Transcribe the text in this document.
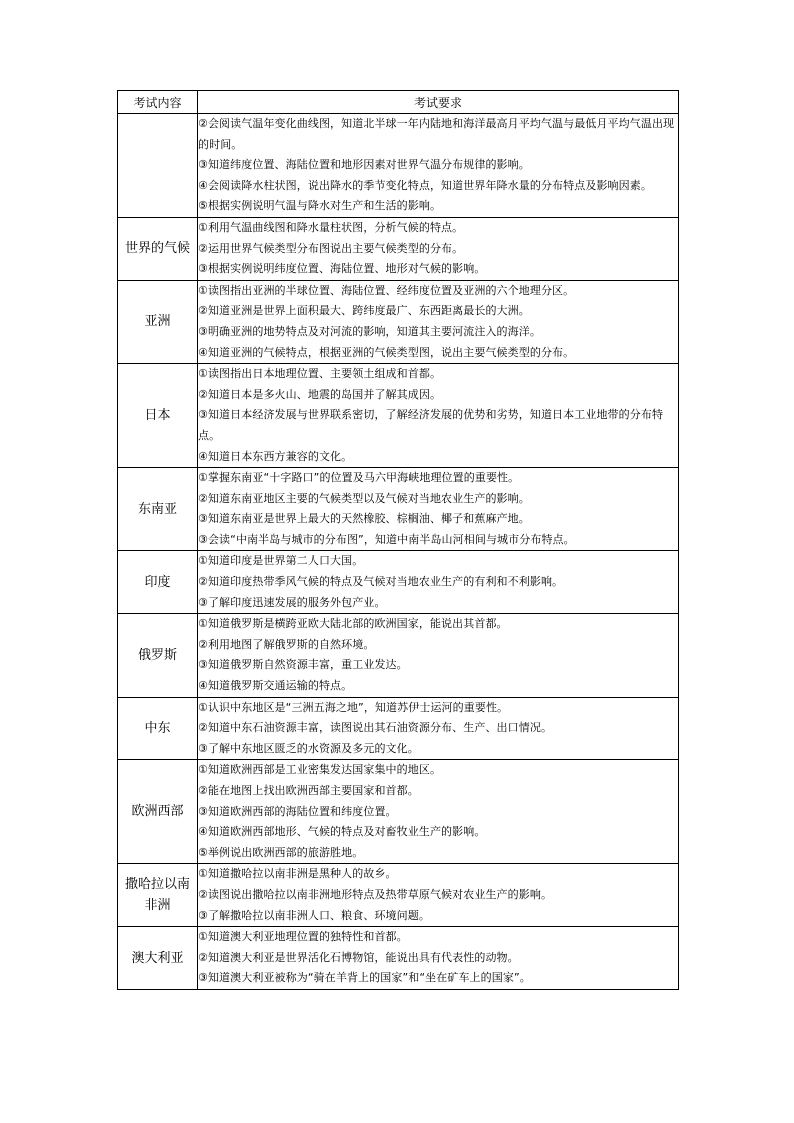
考试内容	考试要求

	②会阅读气温年变化曲线图，知道北半球一年内陆地和海洋最高月平均气温与最低月平均气温出现的时间。
③知道纬度位置、海陆位置和地形因素对世界气温分布规律的影响。
④会阅读降水柱状图，说出降水的季节变化特点，知道世界年降水量的分布特点及影响因素。
⑤根据实例说明气温与降水对生产和生活的影响。

世界的气候	①利用气温曲线图和降水量柱状图，分析气候的特点。
②运用世界气候类型分布图说出主要气候类型的分布。
③根据实例说明纬度位置、海陆位置、地形对气候的影响。

亚洲	①读图指出亚洲的半球位置、海陆位置、经纬度位置及亚洲的六个地理分区。
②知道亚洲是世界上面积最大、跨纬度最广、东西距离最长的大洲。
③明确亚洲的地势特点及对河流的影响，知道其主要河流注入的海洋。
④知道亚洲的气候特点，根据亚洲的气候类型图，说出主要气候类型的分布。

日本	①读图指出日本地理位置、主要领土组成和首都。
②知道日本是多火山、地震的岛国并了解其成因。
③知道日本经济发展与世界联系密切，了解经济发展的优势和劣势，知道日本工业地带的分布特点。
④知道日本东西方兼容的文化。

东南亚	①掌握东南亚“十字路口”的位置及马六甲海峡地理位置的重要性。
②知道东南亚地区主要的气候类型以及气候对当地农业生产的影响。
③知道东南亚是世界上最大的天然橡胶、棕榈油、椰子和蕉麻产地。
③会读“中南半岛与城市的分布图”，知道中南半岛山河相间与城市分布特点。

印度	①知道印度是世界第二人口大国。
②知道印度热带季风气候的特点及气候对当地农业生产的有利和不利影响。
③了解印度迅速发展的服务外包产业。

俄罗斯	①知道俄罗斯是横跨亚欧大陆北部的欧洲国家，能说出其首都。
②利用地图了解俄罗斯的自然环境。
③知道俄罗斯自然资源丰富，重工业发达。
④知道俄罗斯交通运输的特点。

中东	①认识中东地区是“三洲五海之地”，知道苏伊士运河的重要性。
②知道中东石油资源丰富，读图说出其石油资源分布、生产、出口情况。
③了解中东地区匮乏的水资源及多元的文化。

欧洲西部	①知道欧洲西部是工业密集发达国家集中的地区。
②能在地图上找出欧洲西部主要国家和首都。
③知道欧洲西部的海陆位置和纬度位置。
④知道欧洲西部地形、气候的特点及对畜牧业生产的影响。
⑤举例说出欧洲西部的旅游胜地。

撒哈拉以南非洲	①知道撒哈拉以南非洲是黑种人的故乡。
②读图说出撒哈拉以南非洲地形特点及热带草原气候对农业生产的影响。
③了解撒哈拉以南非洲人口、粮食、环境问题。

澳大利亚	①知道澳大利亚地理位置的独特性和首都。
②知道澳大利亚是世界活化石博物馆，能说出具有代表性的动物。
③知道澳大利亚被称为“骑在羊背上的国家”和“坐在矿车上的国家”。
